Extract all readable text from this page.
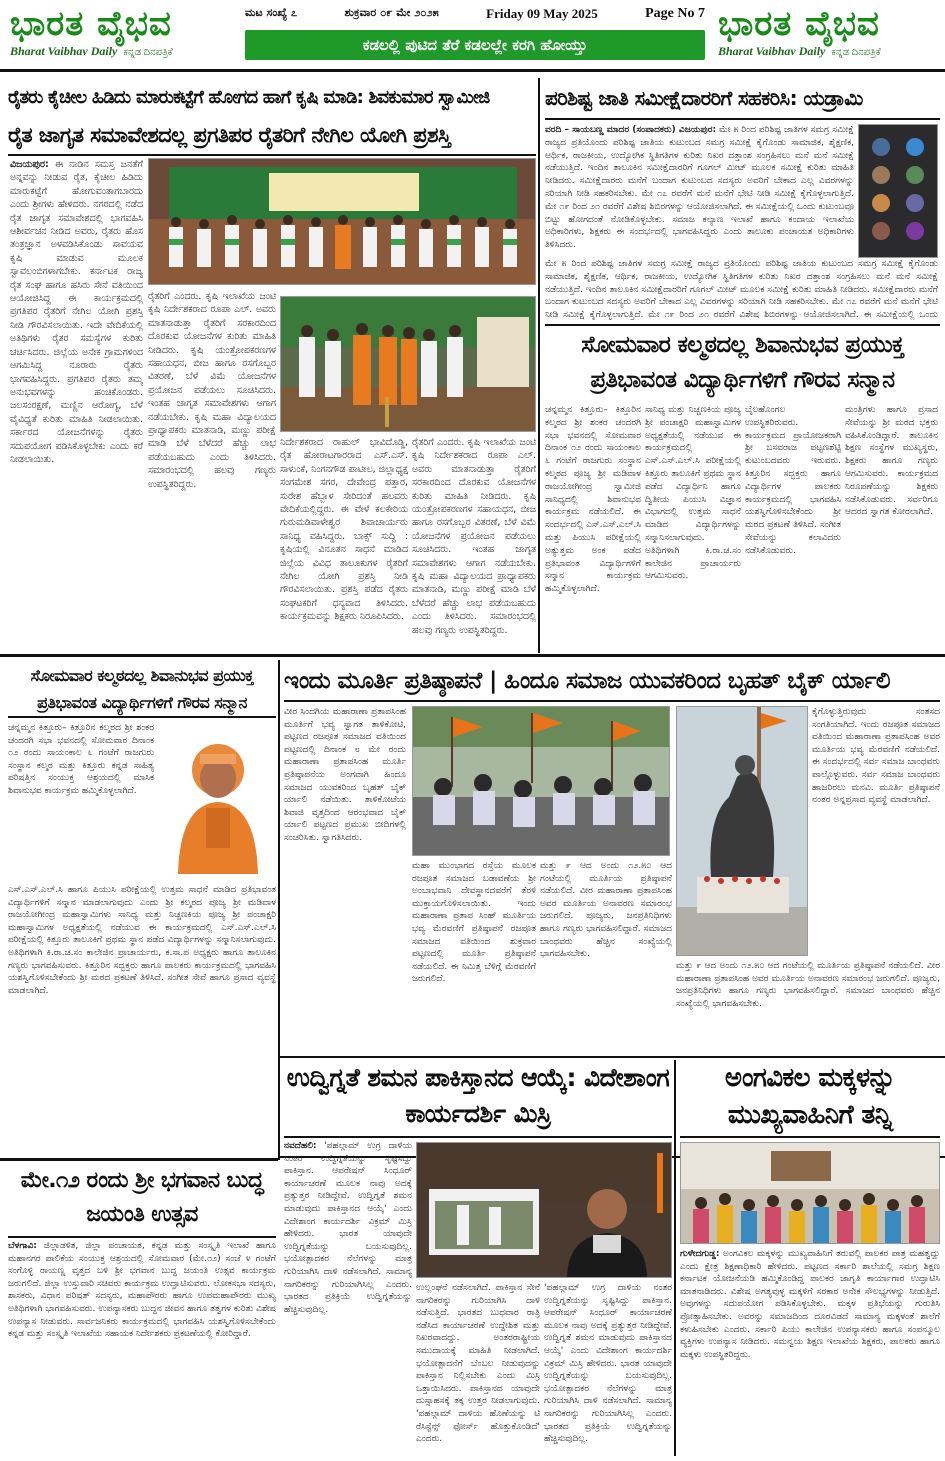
ಭಾರತ ವೈಭವ
Bharat Vaibhav Daily ಕನ್ನಡ ದಿನಪತ್ರಿಕೆ
ಮಟ ಸಂಖ್ಯೆ ೭	ಶುಕ್ರವಾರ ೦೯ ಮೇ ೨೦೨೫	Friday 09 May 2025	Page No 7
ಕಡಲಲ್ಲಿ ಪುಟಿದ ತೆರೆ ಕಡಲಲ್ಲೇ ಕರಗಿ ಹೋಯ್ತು
ಭಾರತ ವೈಭವ
Bharat Vaibhav Daily ಕನ್ನಡ ದಿನಪತ್ರಿಕೆ
ರೈತರು ಕೈಚೀಲ ಹಿಡಿದು ಮಾರುಕಟ್ಟೆಗೆ ಹೋಗದ ಹಾಗೆ ಕೃಷಿ ಮಾಡಿ: ಶಿವಕುಮಾರ ಸ್ವಾಮೀಜಿ
ರೈತ ಜಾಗೃತ ಸಮಾವೇಶದಲ್ಲ ಪ್ರಗತಿಪರ ರೈತರಿಗೆ ನೇಗಿಲ ಯೋಗಿ ಪ್ರಶಸ್ತಿ
ವಿಜಯಪುರ: ಈ ನಾಡಿನ ಸಮಸ್ತ ಜನತೆಗೆ ಅನ್ನವನ್ನು ನೀಡುವ ರೈತ, ಕೈಚೀಲ ಹಿಡಿದು ಮಾರುಕಟ್ಟೆಗೆ ಹೋಗುವಂತಾಗಬಾರದು ಎಂದು ಶ್ರೀಗಳು ಹೇಳಿದರು. ನಗರದಲ್ಲಿ ನಡೆದ ರೈತ ಜಾಗೃತ ಸಮಾವೇಶದಲ್ಲಿ ಭಾಗವಹಿಸಿ ಆಶೀರ್ವಚನ ನೀಡಿದ ಅವರು, ರೈತರು ಹೊಸ ತಂತ್ರಜ್ಞಾನ ಅಳವಡಿಸಿಕೊಂಡು ಸಾವಯವ ಕೃಷಿ ಮಾಡುವ ಮೂಲಕ ಸ್ವಾವಲಂಬಿಗಳಾಗಬೇಕು. ಕರ್ನಾಟಕ ರಾಜ್ಯ ರೈತ ಸಂಘ ಹಾಗೂ ಹಸಿರು ಸೇನೆ ವತಿಯಿಂದ ಆಯೋಜಿಸಿದ್ದ ಈ ಕಾರ್ಯಕ್ರಮದಲ್ಲಿ ಪ್ರಗತಿಪರ ರೈತರಿಗೆ ನೇಗಿಲ ಯೋಗಿ ಪ್ರಶಸ್ತಿ ನೀಡಿ ಗೌರವಿಸಲಾಯಿತು. ಇದೇ ವೇದಿಕೆಯಲ್ಲಿ ಅತಿಥಿಗಳು ರೈತರ ಸಮಸ್ಯೆಗಳ ಕುರಿತು ಚರ್ಚಿಸಿದರು. ಜಿಲ್ಲೆಯ ಅನೇಕ ಗ್ರಾಮಗಳಿಂದ ಆಗಮಿಸಿದ್ದ ನೂರಾರು ರೈತರು ಭಾಗವಹಿಸಿದ್ದರು. ಪ್ರಗತಿಪರ ರೈತರು ತಮ್ಮ ಅನುಭವಗಳನ್ನು ಹಂಚಿಕೊಂಡರು. ಜಲಸಂರಕ್ಷಣೆ, ಮಣ್ಣಿನ ಆರೋಗ್ಯ, ಬೆಳೆ ವೈವಿಧ್ಯತೆ ಕುರಿತು ಮಾಹಿತಿ ನೀಡಲಾಯಿತು. ಸರ್ಕಾರದ ಯೋಜನೆಗಳನ್ನು ರೈತರು ಸದುಪಯೋಗ ಪಡಿಸಿಕೊಳ್ಳಬೇಕು ಎಂದು ಕರೆ ನೀಡಲಾಯಿತು.
ರೈತರಿಗೆ ಎಂದರು. ಕೃಷಿ ಇಲಾಖೆಯ ಜಂಟಿ ಕೃಷಿ ನಿರ್ದೇಶಕರಾದ ರೂಪಾ ಎಲ್. ಅವರು ಮಾತನಾಡುತ್ತಾ ರೈತರಿಗೆ ಸರಕಾರದಿಂದ ದೊರಕುವ ಯೋಜನೆಗಳ ಕುರಿತು ಮಾಹಿತಿ ನೀಡಿದರು. ಕೃಷಿ ಯಂತ್ರೋಪಕರಣಗಳ ಸಹಾಯಧನ, ಬೀಜ ಹಾಗೂ ರಸಗೊಬ್ಬರ ವಿತರಣೆ, ಬೆಳೆ ವಿಮೆ ಯೋಜನೆಗಳ ಪ್ರಯೋಜನ ಪಡೆಯಲು ಸೂಚಿಸಿದರು. ಇಂತಹ ಜಾಗೃತ ಸಮಾವೇಶಗಳು ಆಗಾಗ ನಡೆಯಬೇಕು. ಕೃಷಿ ಮಹಾ ವಿದ್ಯಾಲಯದ ಪ್ರಾಧ್ಯಾಪಕರು ಮಾತನಾಡಿ, ಮಣ್ಣು ಪರೀಕ್ಷೆ ಮಾಡಿ ಬೆಳೆ ಬೆಳೆದರೆ ಹೆಚ್ಚು ಲಾಭ ಪಡೆಯಬಹುದು ಎಂದು ತಿಳಿಸಿದರು. ಸಮಾರಂಭದಲ್ಲಿ ಹಲವು ಗಣ್ಯರು ಉಪಸ್ಥಿತರಿದ್ದರು.
ನಿರ್ದೇಶಕರಾದ ರಾಹುಲ್ ಭಾವಿದೊಡ್ಡಿ, ರೈತ ಹೋರಾಟಗಾರರಾದ ಎಸ್.ಎಸ್. ಸಾಳುಂಕೆ, ನಿಂಗನಗೌಡ ಪಾಟೀಲ, ಜಿಲ್ಲಾಧ್ಯಕ್ಷ ಸಂಗಮೇಶ ಸಗರ, ದೇವೇಂದ್ರ ಪತ್ತಾರ, ಸುರೇಶ ಹೆಬ್ಬಾಳ ಸೇರಿದಂತೆ ಹಲವರು ವೇದಿಕೆಯಲ್ಲಿದ್ದರು. ಈ ವೇಳೆ ಕಲಕೇರಿಯ ಗುರುಮಡಿವಾಳೇಶ್ವರ ಶಿವಾಚಾರ್ಯರು ಸಾನಿಧ್ಯ ವಹಿಸಿದ್ದರು. ಬಾಕ್ಸ್ ಸುದ್ದಿ : ಕೃಷಿಯಲ್ಲಿ ವಿನೂತನ ಸಾಧನೆ ಮಾಡಿದ ಜಿಲ್ಲೆಯ ವಿವಿಧ ತಾಲೂಕುಗಳ ರೈತರಿಗೆ ನೇಗಿಲ ಯೋಗಿ ಪ್ರಶಸ್ತಿ ನೀಡಿ ಗೌರವಿಸಲಾಯಿತು. ಪ್ರಶಸ್ತಿ ಪಡೆದ ರೈತರು ಸಂಘಟಕರಿಗೆ ಧನ್ಯವಾದ ತಿಳಿಸಿದರು. ಕಾರ್ಯಕ್ರಮವನ್ನು ಶಿಕ್ಷಕರು ನಿರೂಪಿಸಿದರು.
ರೈತರಿಗೆ ಎಂದರು. ಕೃಷಿ ಇಲಾಖೆಯ ಜಂಟಿ ಕೃಷಿ ನಿರ್ದೇಶಕರಾದ ರೂಪಾ ಎಲ್. ಅವರು ಮಾತನಾಡುತ್ತಾ ರೈತರಿಗೆ ಸರಕಾರದಿಂದ ದೊರಕುವ ಯೋಜನೆಗಳ ಕುರಿತು ಮಾಹಿತಿ ನೀಡಿದರು. ಕೃಷಿ ಯಂತ್ರೋಪಕರಣಗಳ ಸಹಾಯಧನ, ಬೀಜ ಹಾಗೂ ರಸಗೊಬ್ಬರ ವಿತರಣೆ, ಬೆಳೆ ವಿಮೆ ಯೋಜನೆಗಳ ಪ್ರಯೋಜನ ಪಡೆಯಲು ಸೂಚಿಸಿದರು. ಇಂತಹ ಜಾಗೃತ ಸಮಾವೇಶಗಳು ಆಗಾಗ ನಡೆಯಬೇಕು. ಕೃಷಿ ಮಹಾ ವಿದ್ಯಾಲಯದ ಪ್ರಾಧ್ಯಾಪಕರು ಮಾತನಾಡಿ, ಮಣ್ಣು ಪರೀಕ್ಷೆ ಮಾಡಿ ಬೆಳೆ ಬೆಳೆದರೆ ಹೆಚ್ಚು ಲಾಭ ಪಡೆಯಬಹುದು ಎಂದು ತಿಳಿಸಿದರು. ಸಮಾರಂಭದಲ್ಲಿ ಹಲವು ಗಣ್ಯರು ಉಪಸ್ಥಿತರಿದ್ದರು.
ಪರಿಶಿಷ್ಟ ಜಾತಿ ಸಮೀಕ್ಷೆದಾರರಿಗೆ ಸಹಕರಿಸಿ: ಯಡ್ರಾಮಿ
ವರದಿ – ಸಾಯಬಣ್ಣ ಮಾದರ (ಸಂಪಾದಕರು) ವಿಜಯಪುರ: ಮೇ ೫ ರಿಂದ ಪರಿಶಿಷ್ಟ ಜಾತಿಗಳ ಸಮಗ್ರ ಸಮೀಕ್ಷೆ ರಾಜ್ಯದ ಪ್ರತಿಯೊಂದು ಪರಿಶಿಷ್ಟ ಜಾತಿಯ ಕುಟುಂಬದ ಸಮಗ್ರ ಸಮೀಕ್ಷೆ ಕೈಗೊಂಡು ಸಾಮಾಜಿಕ, ಶೈಕ್ಷಣಿಕ, ಆರ್ಥಿಕ, ರಾಜಕೀಯ, ಉದ್ಯೋಗಿಕ ಸ್ಥಿತಿಗತಿಗಳ ಕುರಿತು ನಿಖರ ದತ್ತಾಂಶ ಸಂಗ್ರಹಿಸಲು ಮನೆ ಮನೆ ಸಮೀಕ್ಷೆ ನಡೆಯುತ್ತಿದೆ. ಇಂದಿನ ತಾಲೂಕಿನ ಸಮೀಕ್ಷೆದಾರರಿಗೆ ಗೂಗಲ್ ಮೀಟ್ ಮೂಲಕ ಸಮೀಕ್ಷೆ ಕುರಿತು ಮಾಹಿತಿ ನೀಡಿದರು. ಸಮೀಕ್ಷೆದಾರರು ಮನೆಗೆ ಬಂದಾಗ ಕುಟುಂಬದ ಸದಸ್ಯರು ಅವರಿಗೆ ಬೇಕಾದ ಎಲ್ಲ ವಿವರಗಳನ್ನು ಸರಿಯಾಗಿ ನೀಡಿ ಸಹಕರಿಸಬೇಕು. ಮೇ ೧೭ ರವರೆಗೆ ಮನೆ ಮನೆಗೆ ಭೇಟಿ ನೀಡಿ ಸಮೀಕ್ಷೆ ಕೈಗೊಳ್ಳಲಾಗುತ್ತಿದೆ. ಮೇ ೧೯ ರಿಂದ ೨೧ ರವರೆಗೆ ವಿಶೇಷ ಶಿಬಿರಗಳನ್ನು ಆಯೋಜಿಸಲಾಗಿದೆ. ಈ ಸಮೀಕ್ಷೆಯಲ್ಲಿ ಒಂದು ಕುಟುಂಬವೂ ಬಿಟ್ಟು ಹೋಗದಂತೆ ನೋಡಿಕೊಳ್ಳಬೇಕು. ಸಮಾಜ ಕಲ್ಯಾಣ ಇಲಾಖೆ ಹಾಗೂ ಕಂದಾಯ ಇಲಾಖೆಯ ಅಧಿಕಾರಿಗಳು, ಶಿಕ್ಷಕರು ಈ ಸಂದರ್ಭದಲ್ಲಿ ಭಾಗವಹಿಸಿದ್ದರು ಎಂದು ತಾಲೂಕು ಪಂಚಾಯತ ಅಧಿಕಾರಿಗಳು ತಿಳಿಸಿದರು.
ಮೇ ೫ ರಿಂದ ಪರಿಶಿಷ್ಟ ಜಾತಿಗಳ ಸಮಗ್ರ ಸಮೀಕ್ಷೆ ರಾಜ್ಯದ ಪ್ರತಿಯೊಂದು ಪರಿಶಿಷ್ಟ ಜಾತಿಯ ಕುಟುಂಬದ ಸಮಗ್ರ ಸಮೀಕ್ಷೆ ಕೈಗೊಂಡು ಸಾಮಾಜಿಕ, ಶೈಕ್ಷಣಿಕ, ಆರ್ಥಿಕ, ರಾಜಕೀಯ, ಉದ್ಯೋಗಿಕ ಸ್ಥಿತಿಗತಿಗಳ ಕುರಿತು ನಿಖರ ದತ್ತಾಂಶ ಸಂಗ್ರಹಿಸಲು ಮನೆ ಮನೆ ಸಮೀಕ್ಷೆ ನಡೆಯುತ್ತಿದೆ. ಇಂದಿನ ತಾಲೂಕಿನ ಸಮೀಕ್ಷೆದಾರರಿಗೆ ಗೂಗಲ್ ಮೀಟ್ ಮೂಲಕ ಸಮೀಕ್ಷೆ ಕುರಿತು ಮಾಹಿತಿ ನೀಡಿದರು. ಸಮೀಕ್ಷೆದಾರರು ಮನೆಗೆ ಬಂದಾಗ ಕುಟುಂಬದ ಸದಸ್ಯರು ಅವರಿಗೆ ಬೇಕಾದ ಎಲ್ಲ ವಿವರಗಳನ್ನು ಸರಿಯಾಗಿ ನೀಡಿ ಸಹಕರಿಸಬೇಕು. ಮೇ ೧೭ ರವರೆಗೆ ಮನೆ ಮನೆಗೆ ಭೇಟಿ ನೀಡಿ ಸಮೀಕ್ಷೆ ಕೈಗೊಳ್ಳಲಾಗುತ್ತಿದೆ. ಮೇ ೧೯ ರಿಂದ ೨೧ ರವರೆಗೆ ವಿಶೇಷ ಶಿಬಿರಗಳನ್ನು ಆಯೋಜಿಸಲಾಗಿದೆ. ಈ ಸಮೀಕ್ಷೆಯಲ್ಲಿ ಒಂದು
ಸೋಮವಾರ ಕಲ್ಮಠದಲ್ಲ ಶಿವಾನುಭವ ಪ್ರಯುಕ್ತ ಪ್ರತಿಭಾವಂತ ವಿದ್ಯಾರ್ಥಿಗಳಿಗೆ ಗೌರವ ಸನ್ಮಾನ
ಚನ್ನಮ್ಮನ ಕಿತ್ತೂರು– ಕಿತ್ತೂರಿನ ಕಲ್ಮಠದ ಶ್ರೀ ಶಂಕರ ಚಂದರಗಿ ಸಭಾ ಭವನದಲ್ಲಿ ಸೋಮವಾರ ದಿನಾಂಕ ೧೨ ರಂದು ಸಾಯಂಕಾಲ ೬ ಗಂಟೆಗೆ ರಾಜಗುರು ಸಂಸ್ಥಾನ ಕಲ್ಮಠದ ಪೂಜ್ಯ ಶ್ರೀ ಮಡಿವಾಳ ರಾಜಯೋಗೀಂದ್ರ ಸ್ವಾಮೀಜಿ ಸಾನಿಧ್ಯದಲ್ಲಿ ಶಿವಾನುಭವ ಕಾರ್ಯಕ್ರಮ ನಡೆಯಲಿದೆ. ಈ ಸಂದರ್ಭದಲ್ಲಿ ಎಸ್.ಎಸ್.ಎಲ್.ಸಿ ಮತ್ತು ಪಿಯುಸಿ ಪರೀಕ್ಷೆಯಲ್ಲಿ ಅತ್ಯುತ್ತಮ ಅಂಕ ಪಡೆದ ಪ್ರತಿಭಾವಂತ ವಿದ್ಯಾರ್ಥಿಗಳಿಗೆ ಸನ್ಮಾನ ಕಾರ್ಯಕ್ರಮ ಹಮ್ಮಿಕೊಳ್ಳಲಾಗಿದೆ.
ಸಾನಿಧ್ಯ ಮತ್ತು ನಿಚ್ಚಣಕಿಯ ಪೂಜ್ಯ ಶ್ರೀ ಪಂಚಾಕ್ಷರಿ ಮಹಾಸ್ವಾಮಿಗಳ ಅಧ್ಯಕ್ಷತೆಯಲ್ಲಿ ನಡೆಯುವ ಈ ಕಾರ್ಯಕ್ರಮದಲ್ಲಿ ಎಸ್.ಎಸ್.ಎಲ್.ಸಿ ಪರೀಕ್ಷೆಯಲ್ಲಿ ಕಿತ್ತೂರು ತಾಲೂಕಿಗೆ ಪ್ರಥಮ ಸ್ಥಾನ ಪಡೆದ ವಿದ್ಯಾರ್ಥಿನಿ ಹಾಗೂ ದ್ವಿತೀಯ ಪಿಯುಸಿ ವಿಜ್ಞಾನ ವಿಭಾಗದಲ್ಲಿ ಉತ್ತಮ ಸಾಧನೆ ಮಾಡಿದ ವಿದ್ಯಾರ್ಥಿಗಳನ್ನು ಸನ್ಮಾನಿಸಲಾಗುವುದು. ಅತಿಥಿಗಳಾಗಿ ಕಿ.ರಾ.ಚ.ಸಂ ಕಾಲೇಜಿನ ಪ್ರಾಚಾರ್ಯರು ಆಗಮಿಸುವರು.
ಬೈಲಹೊಂಗಲ ಉಪಸ್ಥಿತರಿರುವರು. ಕಾರ್ಯಕ್ರಮದ ಪ್ರಾಯೋಜಕರಾಗಿ ಶ್ರೀ ಬಸವರಾಜ ಪಟ್ಟಣಶೆಟ್ಟಿ ಕುಟುಂಬದವರು ಇರುವರು. ಕಿತ್ತೂರಿನ ಸದ್ಭಕ್ತರು ಹಾಗೂ ವಿದ್ಯಾರ್ಥಿಗಳ ಪಾಲಕರು ಕಾರ್ಯಕ್ರಮದಲ್ಲಿ ಭಾಗವಹಿಸಿ ಯಶಸ್ವಿಗೊಳಿಸಬೇಕೆಂದು ಶ್ರೀ ಮಠದ ಪ್ರಕಟಣೆ ತಿಳಿಸಿದೆ. ಸಂಗೀತ ಸೇವೆಯನ್ನು ಕಲಾವಿದರು ನಡೆಸಿಕೊಡುವರು.
ಮಂತ್ರಿಗಳು ಹಾಗೂ ಪ್ರಸಾದ ಸೇವೆಯನ್ನು ಶ್ರೀ ಮಠದ ಭಕ್ತರು ವಹಿಸಿಕೊಂಡಿದ್ದಾರೆ. ತಾಲೂಕಿನ ಶಿಕ್ಷಣ ಸಂಸ್ಥೆಗಳ ಮುಖ್ಯಸ್ಥರು, ಶಿಕ್ಷಕರು ಹಾಗೂ ಗಣ್ಯರು ಆಗಮಿಸುವರು. ಕಾರ್ಯಕ್ರಮದ ನಿರೂಪಣೆಯನ್ನು ಶಿಕ್ಷಕರು ನಡೆಸಿಕೊಡುವರು. ಸರ್ವರಿಗೂ ಆದರದ ಸ್ವಾಗತ ಕೋರಲಾಗಿದೆ.
ಸೋಮವಾರ ಕಲ್ಮಠದಲ್ಲ ಶಿವಾನುಭವ ಪ್ರಯುಕ್ತ ಪ್ರತಿಭಾವಂತ ವಿದ್ಯಾರ್ಥಿಗಳಿಗೆ ಗೌರವ ಸನ್ಮಾನ
ಚನ್ನಮ್ಮನ ಕಿತ್ತೂರು– ಕಿತ್ತೂರಿನ ಕಲ್ಮಠದ ಶ್ರೀ ಶಂಕರ ಚಂದರಗಿ ಸಭಾ ಭವನದಲ್ಲಿ ಸೋಮವಾರ ದಿನಾಂಕ ೧೨ ರಂದು ಸಾಯಂಕಾಲ ೬ ಗಂಟೆಗೆ ರಾಜಗುರು ಸಂಸ್ಥಾನ ಕಲ್ಮಠ ಮತ್ತು ಕಿತ್ತೂರು ಕನ್ನಡ ಸಾಹಿತ್ಯ ಪರಿಷತ್ತಿನ ಸಂಯುಕ್ತ ಆಶ್ರಯದಲ್ಲಿ ಮಾಸಿಕ ಶಿವಾನುಭವ ಕಾರ್ಯಕ್ರಮ ಹಮ್ಮಿಕೊಳ್ಳಲಾಗಿದೆ.
ಎಸ್.ಎಸ್.ಎಲ್.ಸಿ ಹಾಗೂ ಪಿಯುಸಿ ಪರೀಕ್ಷೆಯಲ್ಲಿ ಉತ್ತಮ ಸಾಧನೆ ಮಾಡಿದ ಪ್ರತಿಭಾವಂತ ವಿದ್ಯಾರ್ಥಿಗಳಿಗೆ ಸನ್ಮಾನ ಮಾಡಲಾಗುವುದು ಎಂದು ಶ್ರೀ ಕಲ್ಮಠದ ಪೂಜ್ಯ ಶ್ರೀ ಮಡಿವಾಳ ರಾಜಯೋಗೀಂದ್ರ ಮಹಾಸ್ವಾಮಿಗಳು ಸಾನಿಧ್ಯ ಮತ್ತು ನಿಚ್ಚಣಕಿಯ ಪೂಜ್ಯ ಶ್ರೀ ಪಂಚಾಕ್ಷರಿ ಮಹಾಸ್ವಾಮಿಗಳ ಅಧ್ಯಕ್ಷತೆಯಲ್ಲಿ ನಡೆಯುವ ಈ ಕಾರ್ಯಕ್ರಮದಲ್ಲಿ ಎಸ್.ಎಸ್.ಎಲ್.ಸಿ ಪರೀಕ್ಷೆಯಲ್ಲಿ ಕಿತ್ತೂರು ತಾಲೂಕಿಗೆ ಪ್ರಥಮ ಸ್ಥಾನ ಪಡೆದ ವಿದ್ಯಾರ್ಥಿಗಳನ್ನು ಸನ್ಮಾನಿಸಲಾಗುವುದು. ಅತಿಥಿಗಳಾಗಿ ಕಿ.ರಾ.ಚ.ಸಂ ಕಾಲೇಜಿನ ಪ್ರಾಚಾರ್ಯರು, ಕ.ಸಾ.ಪ ಅಧ್ಯಕ್ಷರು ಹಾಗೂ ತಾಲೂಕಿನ ಗಣ್ಯರು ಭಾಗವಹಿಸುವರು. ಕಿತ್ತೂರಿನ ಸದ್ಭಕ್ತರು ಹಾಗೂ ಪಾಲಕರು ಕಾರ್ಯಕ್ರಮದಲ್ಲಿ ಭಾಗವಹಿಸಿ ಯಶಸ್ವಿಗೊಳಿಸಬೇಕೆಂದು ಶ್ರೀ ಮಠದ ಪ್ರಕಟಣೆ ತಿಳಿಸಿದೆ. ಸಂಗೀತ ಸೇವೆ ಹಾಗೂ ಪ್ರಸಾದ ವ್ಯವಸ್ಥೆ ಮಾಡಲಾಗಿದೆ.
ಇಂದು ಮೂರ್ತಿ ಪ್ರತಿಷ್ಠಾಪನೆ | ಹಿಂದೂ ಸಮಾಜ ಯುವಕರಿಂದ ಬೃಹತ್ ಬೈಕ್ ರ್ಯಾಲಿ
ವೀರ ಸಿಂದಗಿಯ ಮಹಾರಾಣಾ ಪ್ರತಾಪಸಿಂಹ ಮೂರ್ತಿಗೆ ಭವ್ಯ ಸ್ವಾಗತ ತಾಳಿಕೋಟಿ, ಪಟ್ಟಣದ ರಜಪೂತ ಸಮಾಜದ ವತಿಯಿಂದ ಪಟ್ಟಣದಲ್ಲಿ ದಿನಾಂಕ ೮ ಮೇ ರಂದು ಮಹಾರಾಣಾ ಪ್ರತಾಪಸಿಂಹ ಮೂರ್ತಿ ಪ್ರತಿಷ್ಠಾಪನೆಯ ಅಂಗವಾಗಿ ಹಿಂದೂ ಸಮಾಜದ ಯುವಕರಿಂದ ಬೃಹತ್ ಬೈಕ್ ರ್ಯಾಲಿ ನಡೆಯಿತು. ತಾಳಿಕೋಟೆಯ ಶಿವಾಜಿ ವೃತ್ತದಿಂದ ಆರಂಭವಾದ ಬೈಕ್ ರ್ಯಾಲಿ ಪಟ್ಟಣದ ಪ್ರಮುಖ ಬೀದಿಗಳಲ್ಲಿ ಸಂಚರಿಸಿತು. ಸ್ವಾಗತಿಸಿದರು.
ಮಹಾ ಮುಂಭಾಗದ ರಸ್ತೆಯ ಮೂಲಕ ರಜಪೂತ ಸಮಾಜದ ಬಡಾವಣೆಯ ಶ್ರೀ ಅಂಬಾಭವಾನಿ ದೇವಸ್ಥಾನದವರೆಗೆ ತೆರಳಿ ಮುಕ್ತಾಯಗೊಳಿಸಲಾಯಿತು. ಇಂದು ಮಹಾರಾಣಾ ಪ್ರತಾಪ ಸಿಂಹ್ ಮೂರ್ತಿಯ ಭವ್ಯ ಮೆರವಣಿಗೆ ಪ್ರತಿಷ್ಠಾಪನೆ ರಜಪೂತ ಸಮಾಜದ ವತಿಯಿಂದ ಶುಕ್ರವಾರ ಪಟ್ಟಣದಲ್ಲಿ ಮೂರ್ತಿ ಪ್ರತಿಷ್ಠಾಪನೆ ನಡೆಯಲಿದೆ. ಈ ನಿಮಿತ್ತ ಬೆಳಿಗ್ಗೆ ಮೆರವಣಿಗೆ ಜರುಗಲಿದೆ.
ಮತ್ತು ೯ ಆದ ಅಂದು ೧೨.೫೦ ಆದ ಗಂಟೆಯಲ್ಲಿ ಮೂರ್ತಿಯ ಪ್ರತಿಷ್ಠಾಪನೆ ನಡೆಯಲಿದೆ. ವೀರ ಮಹಾರಾಣಾ ಪ್ರತಾಪಸಿಂಹ ಅವರ ಮೂರ್ತಿಯ ಅನಾವರಣ ಸಮಾರಂಭ ಜರುಗಲಿದೆ. ಪೂಜ್ಯರು, ಜನಪ್ರತಿನಿಧಿಗಳು ಹಾಗೂ ಗಣ್ಯರು ಭಾಗವಹಿಸಲಿದ್ದಾರೆ. ಸಮಾಜದ ಬಾಂಧವರು ಹೆಚ್ಚಿನ ಸಂಖ್ಯೆಯಲ್ಲಿ ಭಾಗವಹಿಸಬೇಕು.
ಕೈಗೊಳ್ಳುತ್ತಿರುವುದು ಸಂತಸದ ಸಂಗತಿಯಾಗಿದೆ. ಇಂದು ರಜಪೂತ ಸಮಾಜದ ವತಿಯಿಂದ ಮಹಾರಾಣಾ ಪ್ರತಾಪಸಿಂಹ ಅವರ ಮೂರ್ತಿಯ ಭವ್ಯ ಮೆರವಣಿಗೆ ನಡೆಯಲಿದೆ. ಈ ಸಂದರ್ಭದಲ್ಲಿ ಸರ್ವ ಸಮಾಜ ಬಾಂಧವರು ಪಾಲ್ಗೊಳ್ಳುವರು. ಸರ್ವ ಸಮಾಜ ಬಾಂಧವರು ಹಾಜರಿರಲು ಮನವಿ. ಮೂರ್ತಿ ಪ್ರತಿಷ್ಠಾಪನೆ ನಂತರ ಅನ್ನಪ್ರಸಾದ ವ್ಯವಸ್ಥೆ ಮಾಡಲಾಗಿದೆ.
ಮತ್ತು ೯ ಆದ ಅಂದು ೧೨.೫೦ ಆದ ಗಂಟೆಯಲ್ಲಿ ಮೂರ್ತಿಯ ಪ್ರತಿಷ್ಠಾಪನೆ ನಡೆಯಲಿದೆ. ವೀರ ಮಹಾರಾಣಾ ಪ್ರತಾಪಸಿಂಹ ಅವರ ಮೂರ್ತಿಯ ಅನಾವರಣ ಸಮಾರಂಭ ಜರುಗಲಿದೆ. ಪೂಜ್ಯರು, ಜನಪ್ರತಿನಿಧಿಗಳು ಹಾಗೂ ಗಣ್ಯರು ಭಾಗವಹಿಸಲಿದ್ದಾರೆ. ಸಮಾಜದ ಬಾಂಧವರು ಹೆಚ್ಚಿನ ಸಂಖ್ಯೆಯಲ್ಲಿ ಭಾಗವಹಿಸಬೇಕು.
ಮೇ.೧೨ ರಂದು ಶ್ರೀ ಭಗವಾನ ಬುದ್ಧ ಜಯಂತಿ ಉತ್ಸವ
ಬೆಳಗಾವಿ: ಜಿಲ್ಲಾಡಳಿತ, ಜಿಲ್ಲಾ ಪಂಚಾಯತ, ಕನ್ನಡ ಮತ್ತು ಸಂಸ್ಕೃತಿ ಇಲಾಖೆ ಹಾಗೂ ಮಹಾನಗರ ಪಾಲಿಕೆಯ ಸಂಯುಕ್ತ ಆಶ್ರಯದಲ್ಲಿ ಸೋಮವಾರ (ಮೇ.೧೨) ಸಂಜೆ ೪ ಗಂಟೆಗೆ ಸಂಗೊಳ್ಳಿ ರಾಯಣ್ಣ ವೃತ್ತದ ಬಳಿ ಶ್ರೀ ಭಗವಾನ ಬುದ್ಧ ಜಯಂತಿ ಉತ್ಸವ ಕಾರ್ಯಕ್ರಮ ಜರುಗಲಿದೆ. ಜಿಲ್ಲಾ ಉಸ್ತುವಾರಿ ಸಚಿವರು ಕಾರ್ಯಕ್ರಮ ಉದ್ಘಾಟಿಸುವರು. ಲೋಕಸಭಾ ಸದಸ್ಯರು, ಶಾಸಕರು, ವಿಧಾನ ಪರಿಷತ್ ಸದಸ್ಯರು, ಮಹಾಪೌರರು ಹಾಗೂ ಉಪಮಹಾಪೌರರು ಮುಖ್ಯ ಅತಿಥಿಗಳಾಗಿ ಭಾಗವಹಿಸುವರು. ಉಪನ್ಯಾಸಕರು ಬುದ್ಧನ ಜೀವನ ಹಾಗೂ ತತ್ವಗಳ ಕುರಿತು ವಿಶೇಷ ಉಪನ್ಯಾಸ ನೀಡುವರು. ಸಾರ್ವಜನಿಕರು ಕಾರ್ಯಕ್ರಮದಲ್ಲಿ ಭಾಗವಹಿಸಿ ಯಶಸ್ವಿಗೊಳಿಸಬೇಕೆಂದು ಕನ್ನಡ ಮತ್ತು ಸಂಸ್ಕೃತಿ ಇಲಾಖೆಯ ಸಹಾಯಕ ನಿರ್ದೇಶಕರು ಪ್ರಕಟಣೆಯಲ್ಲಿ ಕೋರಿದ್ದಾರೆ.
ಉದ್ವಿಗ್ನತೆ ಶಮನ ಪಾಕಿಸ್ತಾನದ ಆಯ್ಕೆ: ವಿದೇಶಾಂಗ ಕಾರ್ಯದರ್ಶಿ ಮಿಸ್ರಿ
ನವದೆಹಲಿ: 'ಪಹಲ್ಗಾಮ್ ಉಗ್ರ ದಾಳಿಯ ನಂತರ ಉದ್ವಿಗ್ನತೆಯನ್ನು ಸೃಷ್ಟಿಸಿದ್ದು ಪಾಕಿಸ್ತಾನ. ಆಪರೇಷನ್ ಸಿಂಧೂರ್ ಕಾರ್ಯಾಚರಣೆ ಮೂಲಕ ನಾವು ಅದಕ್ಕೆ ಪ್ರತ್ಯುತ್ತರ ನೀಡಿದ್ದೇವೆ. ಉದ್ವಿಗ್ನತೆ ಶಮನ ಮಾಡುವುದು ಪಾಕಿಸ್ತಾನದ ಆಯ್ಕೆ' ಎಂದು ವಿದೇಶಾಂಗ ಕಾರ್ಯದರ್ಶಿ ವಿಕ್ರಮ್ ಮಿಸ್ರಿ ಹೇಳಿದರು. ಭಾರತ ಯಾವುದೇ ಉದ್ವಿಗ್ನತೆಯನ್ನು ಬಯಸುವುದಿಲ್ಲ. ಭಯೋತ್ಪಾದಕರ ನೆಲೆಗಳನ್ನು ಮಾತ್ರ ಗುರಿಯಾಗಿಸಿ ದಾಳಿ ನಡೆಸಲಾಗಿದೆ. ಸಾಮಾನ್ಯ ನಾಗರಿಕರನ್ನು ಗುರಿಯಾಗಿಸಿಲ್ಲ ಎಂದರು. ಭಾರತದ ಪ್ರತಿಕ್ರಿಯೆ ಉದ್ವಿಗ್ನತೆಯನ್ನು ಹೆಚ್ಚಿಸುವುದಿಲ್ಲ.
ಉಲ್ಲಂಘನೆ ನಡೆಸಲಾಗಿದೆ. ಪಾಕಿಸ್ತಾನ ಸೇನೆ ನಾಗರಿಕರನ್ನು ಗುರಿಯಾಗಿಸಿ ದಾಳಿ ನಡೆಸುತ್ತಿದೆ. ಭಾರತದ ಬುಧವಾರ ರಾತ್ರಿ ನಡೆಸಿದ ಕಾರ್ಯಾಚರಣೆ ಉದ್ದೇಶಿತ ಮತ್ತು ನಿಖರವಾದದ್ದು. ಅಂತರರಾಷ್ಟ್ರೀಯ ಸಮುದಾಯಕ್ಕೆ ಮಾಹಿತಿ ನೀಡಲಾಗಿದೆ. ಭಯೋತ್ಪಾದನೆಗೆ ಬೆಂಬಲ ನೀಡುವುದನ್ನು ಪಾಕಿಸ್ತಾನ ನಿಲ್ಲಿಸಬೇಕು ಎಂದು ಮಿಸ್ರಿ ಒತ್ತಾಯಿಸಿದರು. ಪಾಕಿಸ್ತಾನದ ಯಾವುದೇ ದುಸ್ಸಾಹಸಕ್ಕೆ ತಕ್ಕ ಉತ್ತರ ನೀಡಲಾಗುವುದು. 'ಪಹಲ್ಗಾಮ್ ದಾಳಿಯ ಹೊಣೆಯನ್ನು ಟಿ ರೆಸಿಸ್ಟೆನ್ಸ್ ಫೋರ್ಸ್ ಹೊತ್ತುಕೊಂಡಿದೆ' ಎಂದರು.
'ಪಹಲ್ಗಾಮ್ ಉಗ್ರ ದಾಳಿಯ ನಂತರ ಉದ್ವಿಗ್ನತೆಯನ್ನು ಸೃಷ್ಟಿಸಿದ್ದು ಪಾಕಿಸ್ತಾನ. ಆಪರೇಷನ್ ಸಿಂಧೂರ್ ಕಾರ್ಯಾಚರಣೆ ಮೂಲಕ ನಾವು ಅದಕ್ಕೆ ಪ್ರತ್ಯುತ್ತರ ನೀಡಿದ್ದೇವೆ. ಉದ್ವಿಗ್ನತೆ ಶಮನ ಮಾಡುವುದು ಪಾಕಿಸ್ತಾನದ ಆಯ್ಕೆ' ಎಂದು ವಿದೇಶಾಂಗ ಕಾರ್ಯದರ್ಶಿ ವಿಕ್ರಮ್ ಮಿಸ್ರಿ ಹೇಳಿದರು. ಭಾರತ ಯಾವುದೇ ಉದ್ವಿಗ್ನತೆಯನ್ನು ಬಯಸುವುದಿಲ್ಲ. ಭಯೋತ್ಪಾದಕರ ನೆಲೆಗಳನ್ನು ಮಾತ್ರ ಗುರಿಯಾಗಿಸಿ ದಾಳಿ ನಡೆಸಲಾಗಿದೆ. ಸಾಮಾನ್ಯ ನಾಗರಿಕರನ್ನು ಗುರಿಯಾಗಿಸಿಲ್ಲ ಎಂದರು. ಭಾರತದ ಪ್ರತಿಕ್ರಿಯೆ ಉದ್ವಿಗ್ನತೆಯನ್ನು ಹೆಚ್ಚಿಸುವುದಿಲ್ಲ.
ಅಂಗವಿಕಲ ಮಕ್ಕಳನ್ನು ಮುಖ್ಯವಾಹಿನಿಗೆ ತನ್ನಿ
ಗುಳೇದಗುಡ್ಡ: ಅಂಗವಿಕಲ ಮಕ್ಕಳನ್ನು ಮುಖ್ಯವಾಹಿನಿಗೆ ತರುವಲ್ಲಿ ಪಾಲಕರ ಪಾತ್ರ ಮಹತ್ವದ್ದು ಎಂದು ಕ್ಷೇತ್ರ ಶಿಕ್ಷಣಾಧಿಕಾರಿ ಹೇಳಿದರು. ಪಟ್ಟಣದ ಸರ್ಕಾರಿ ಶಾಲೆಯಲ್ಲಿ ಸಮಗ್ರ ಶಿಕ್ಷಣ ಕರ್ನಾಟಕ ಯೋಜನೆಯಡಿ ಹಮ್ಮಿಕೊಂಡಿದ್ದ ಪಾಲಕರ ಜಾಗೃತಿ ಕಾರ್ಯಾಗಾರ ಉದ್ಘಾಟಿಸಿ ಮಾತನಾಡಿದರು. ವಿಶೇಷ ಅಗತ್ಯವುಳ್ಳ ಮಕ್ಕಳಿಗೆ ಸರಕಾರ ಅನೇಕ ಸೌಲಭ್ಯಗಳನ್ನು ನೀಡುತ್ತಿದೆ. ಅವುಗಳನ್ನು ಸದುಪಯೋಗ ಪಡಿಸಿಕೊಳ್ಳಬೇಕು. ಮಕ್ಕಳ ಪ್ರತಿಭೆಯನ್ನು ಗುರುತಿಸಿ ಪ್ರೋತ್ಸಾಹಿಸಬೇಕು. ಅವರನ್ನು ಸಮಾಜದಿಂದ ದೂರವಿಡದೆ ಸಾಮಾನ್ಯ ಮಕ್ಕಳಂತೆ ಶಾಲೆಗೆ ಕಳುಹಿಸಬೇಕು ಎಂದರು. ಸರ್ಕಾರಿ ಪಿಯು ಕಾಲೇಜಿನ ಉಪನ್ಯಾಸಕರು ಹಾಗೂ ಸಂಪನ್ಮೂಲ ವ್ಯಕ್ತಿಗಳು ಉಪನ್ಯಾಸ ನೀಡಿದರು. ಸಮನ್ವಯ ಶಿಕ್ಷಣ ಇಲಾಖೆಯ ಶಿಕ್ಷಕರು, ಪಾಲಕರು ಹಾಗೂ ಮಕ್ಕಳು ಉಪಸ್ಥಿತರಿದ್ದರು.
